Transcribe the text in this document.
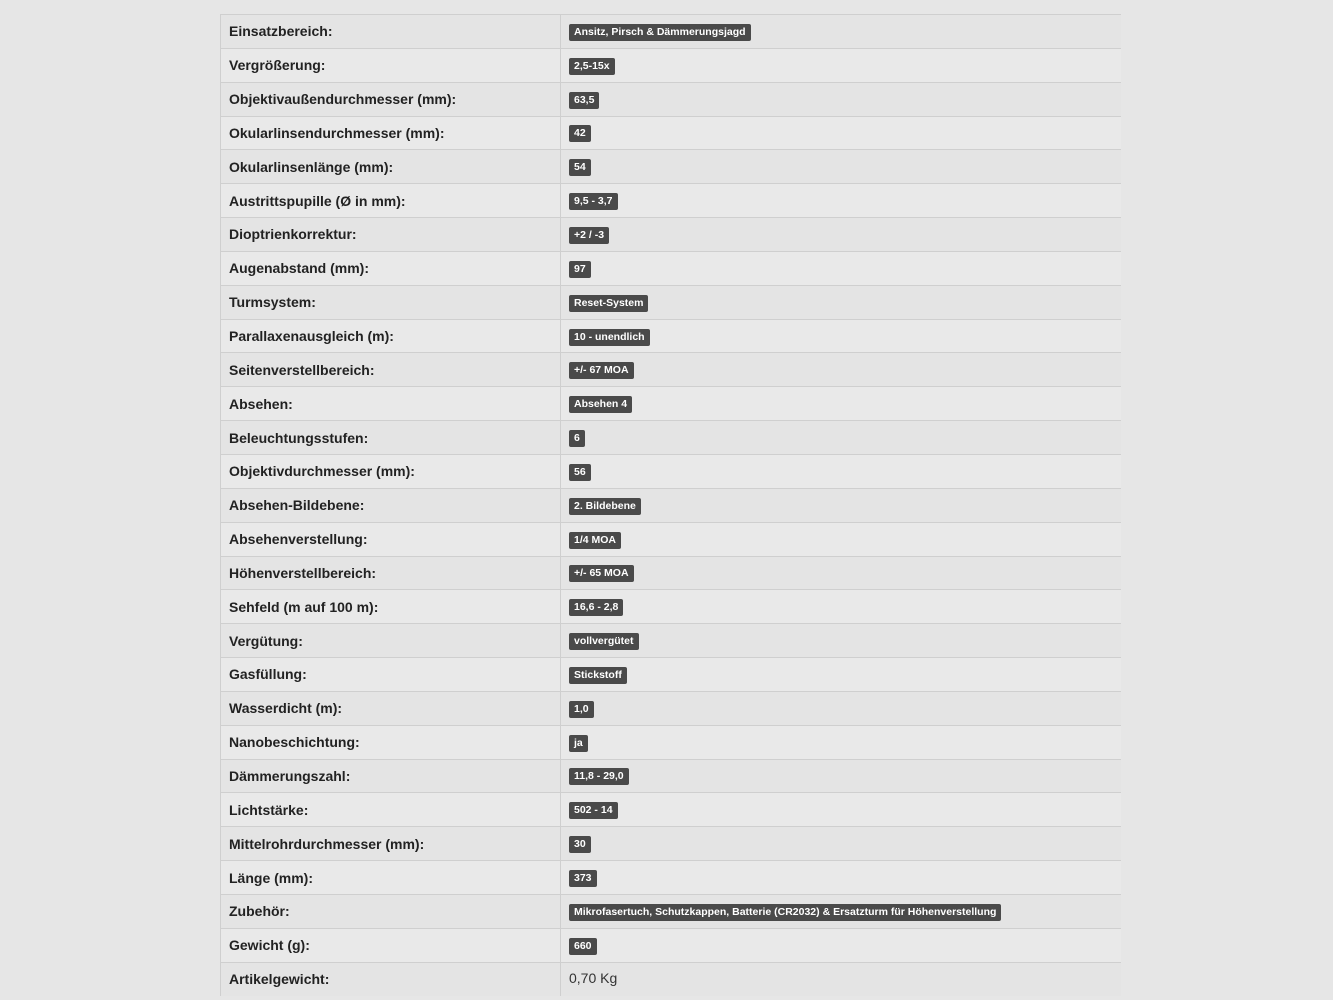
Einsatzbereich:	Ansitz, Pirsch & Dämmerungsjagd
Vergrößerung:	2,5-15x
Objektivaußendurchmesser (mm):	63,5
Okularlinsendurchmesser (mm):	42
Okularlinsenlänge (mm):	54
Austrittspupille (Ø in mm):	9,5 - 3,7
Dioptrienkorrektur:	+2 / -3
Augenabstand (mm):	97
Turmsystem:	Reset-System
Parallaxenausgleich (m):	10 - unendlich
Seitenverstellbereich:	+/- 67 MOA
Absehen:	Absehen 4
Beleuchtungsstufen:	6
Objektivdurchmesser (mm):	56
Absehen-Bildebene:	2. Bildebene
Absehenverstellung:	1/4 MOA
Höhenverstellbereich:	+/- 65 MOA
Sehfeld (m auf 100 m):	16,6 - 2,8
Vergütung:	vollvergütet
Gasfüllung:	Stickstoff
Wasserdicht (m):	1,0
Nanobeschichtung:	ja
Dämmerungszahl:	11,8 - 29,0
Lichtstärke:	502 - 14
Mittelrohrdurchmesser (mm):	30
Länge (mm):	373
Zubehör:	Mikrofasertuch, Schutzkappen, Batterie (CR2032) & Ersatzturm für Höhenverstellung
Gewicht (g):	660
Artikelgewicht:	0,70 Kg
